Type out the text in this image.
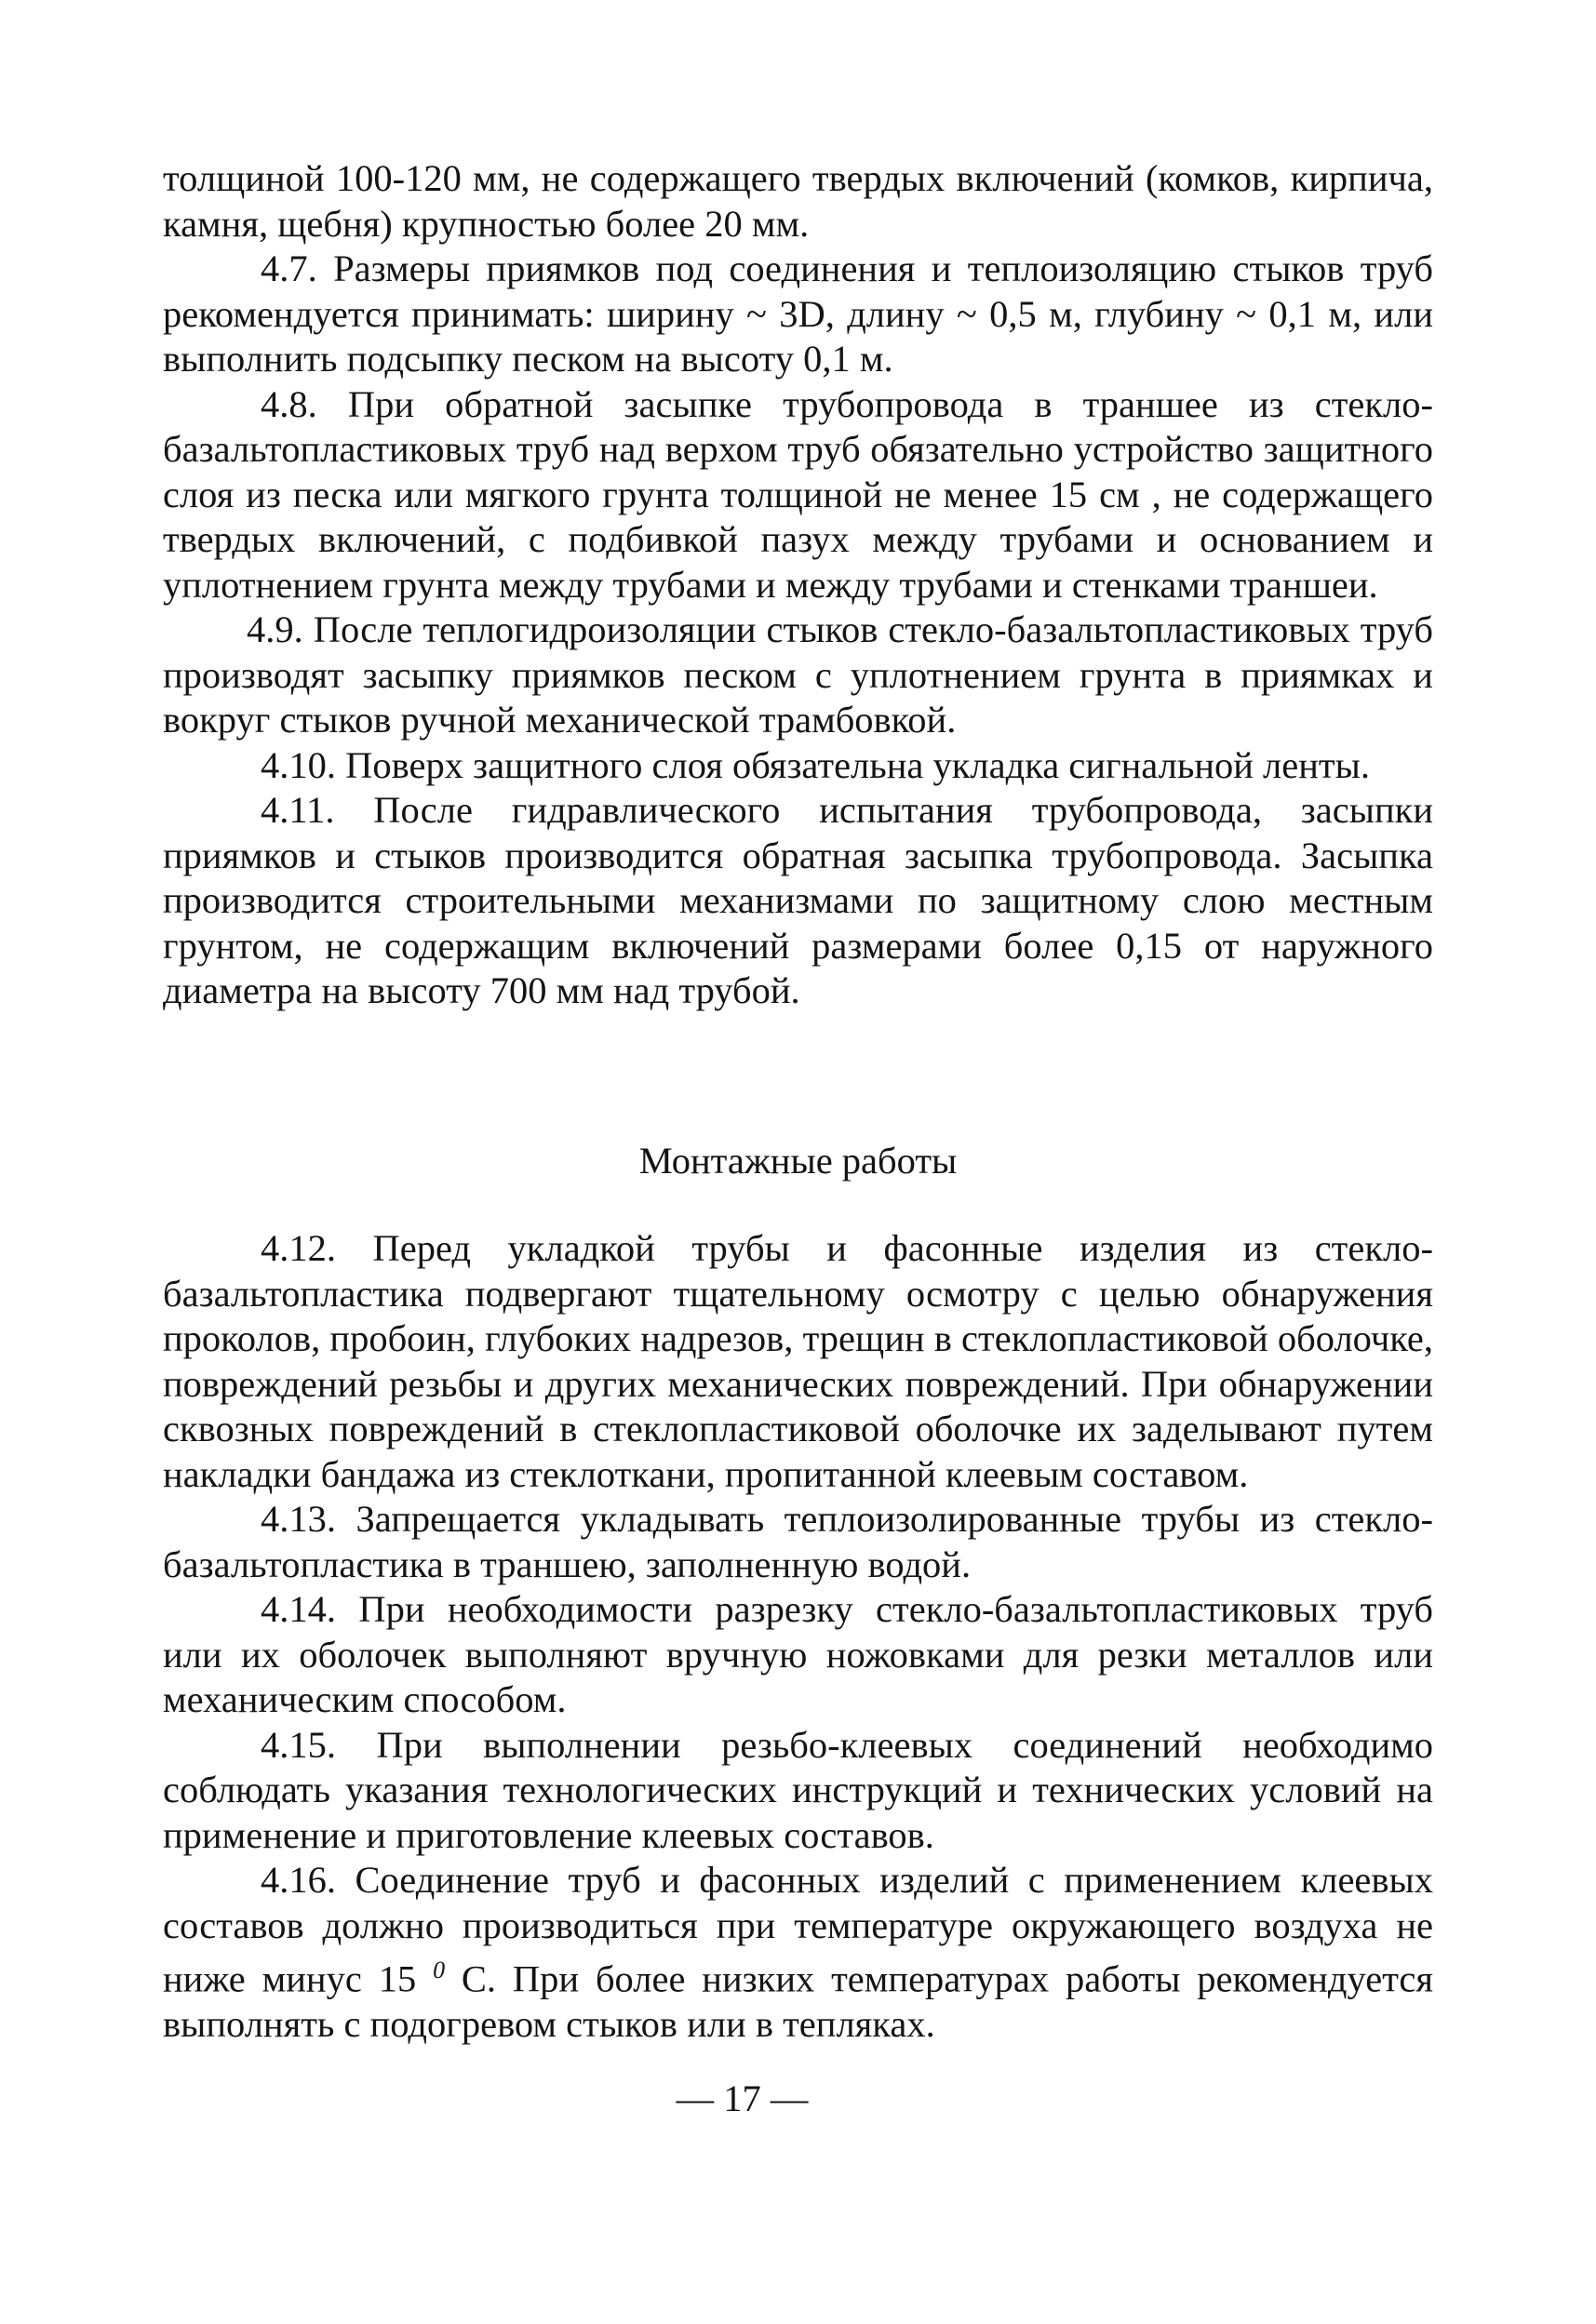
толщиной 100-120 мм, не содержащего твердых включений (комков, кирпича, камня, щебня) крупностью более 20 мм.

4.7. Размеры приямков под соединения и теплоизоляцию стыков труб рекомендуется принимать: ширину ~ 3D, длину ~ 0,5 м, глубину ~ 0,1 м, или выполнить подсыпку песком на высоту 0,1 м.

4.8. При обратной засыпке трубопровода в траншее из стекло-базальтопластиковых труб над верхом труб обязательно устройство защитного слоя из песка или мягкого грунта толщиной не менее 15 см , не содержащего твердых включений, с подбивкой пазух между трубами и основанием и уплотнением грунта между трубами и между трубами и стенками траншеи.

4.9. После теплогидроизоляции стыков стекло-базальтопластиковых труб производят засыпку приямков песком с уплотнением грунта в приямках и вокруг стыков ручной механической трамбовкой.

4.10. Поверх защитного слоя обязательна укладка сигнальной ленты.

4.11. После гидравлического испытания трубопровода, засыпки приямков и стыков производится обратная засыпка трубопровода. Засыпка производится строительными механизмами по защитному слою местным грунтом, не содержащим включений размерами более 0,15 от наружного диаметра на высоту 700 мм над трубой.

Монтажные работы

4.12. Перед укладкой трубы и фасонные изделия из стекло-базальтопластика подвергают тщательному осмотру с целью обнаружения проколов, пробоин, глубоких надрезов, трещин в стеклопластиковой оболочке, повреждений резьбы и других механических повреждений. При обнаружении сквозных повреждений в стеклопластиковой оболочке их заделывают путем накладки бандажа из стеклоткани, пропитанной клеевым составом.

4.13. Запрещается укладывать теплоизолированные трубы из стекло-базальтопластика в траншею, заполненную водой.

4.14. При необходимости разрезку стекло-базальтопластиковых труб или их оболочек выполняют вручную ножовками для резки металлов или механическим способом.

4.15. При выполнении резьбо-клеевых соединений необходимо соблюдать указания технологических инструкций и технических условий на применение и приготовление клеевых составов.

4.16. Соединение труб и фасонных изделий с применением клеевых составов должно производиться при температуре окружающего воздуха не ниже минус 15 $^0$ С. При более низких температурах работы рекомендуется выполнять с подогревом стыков или в тепляках.

— 17 —
